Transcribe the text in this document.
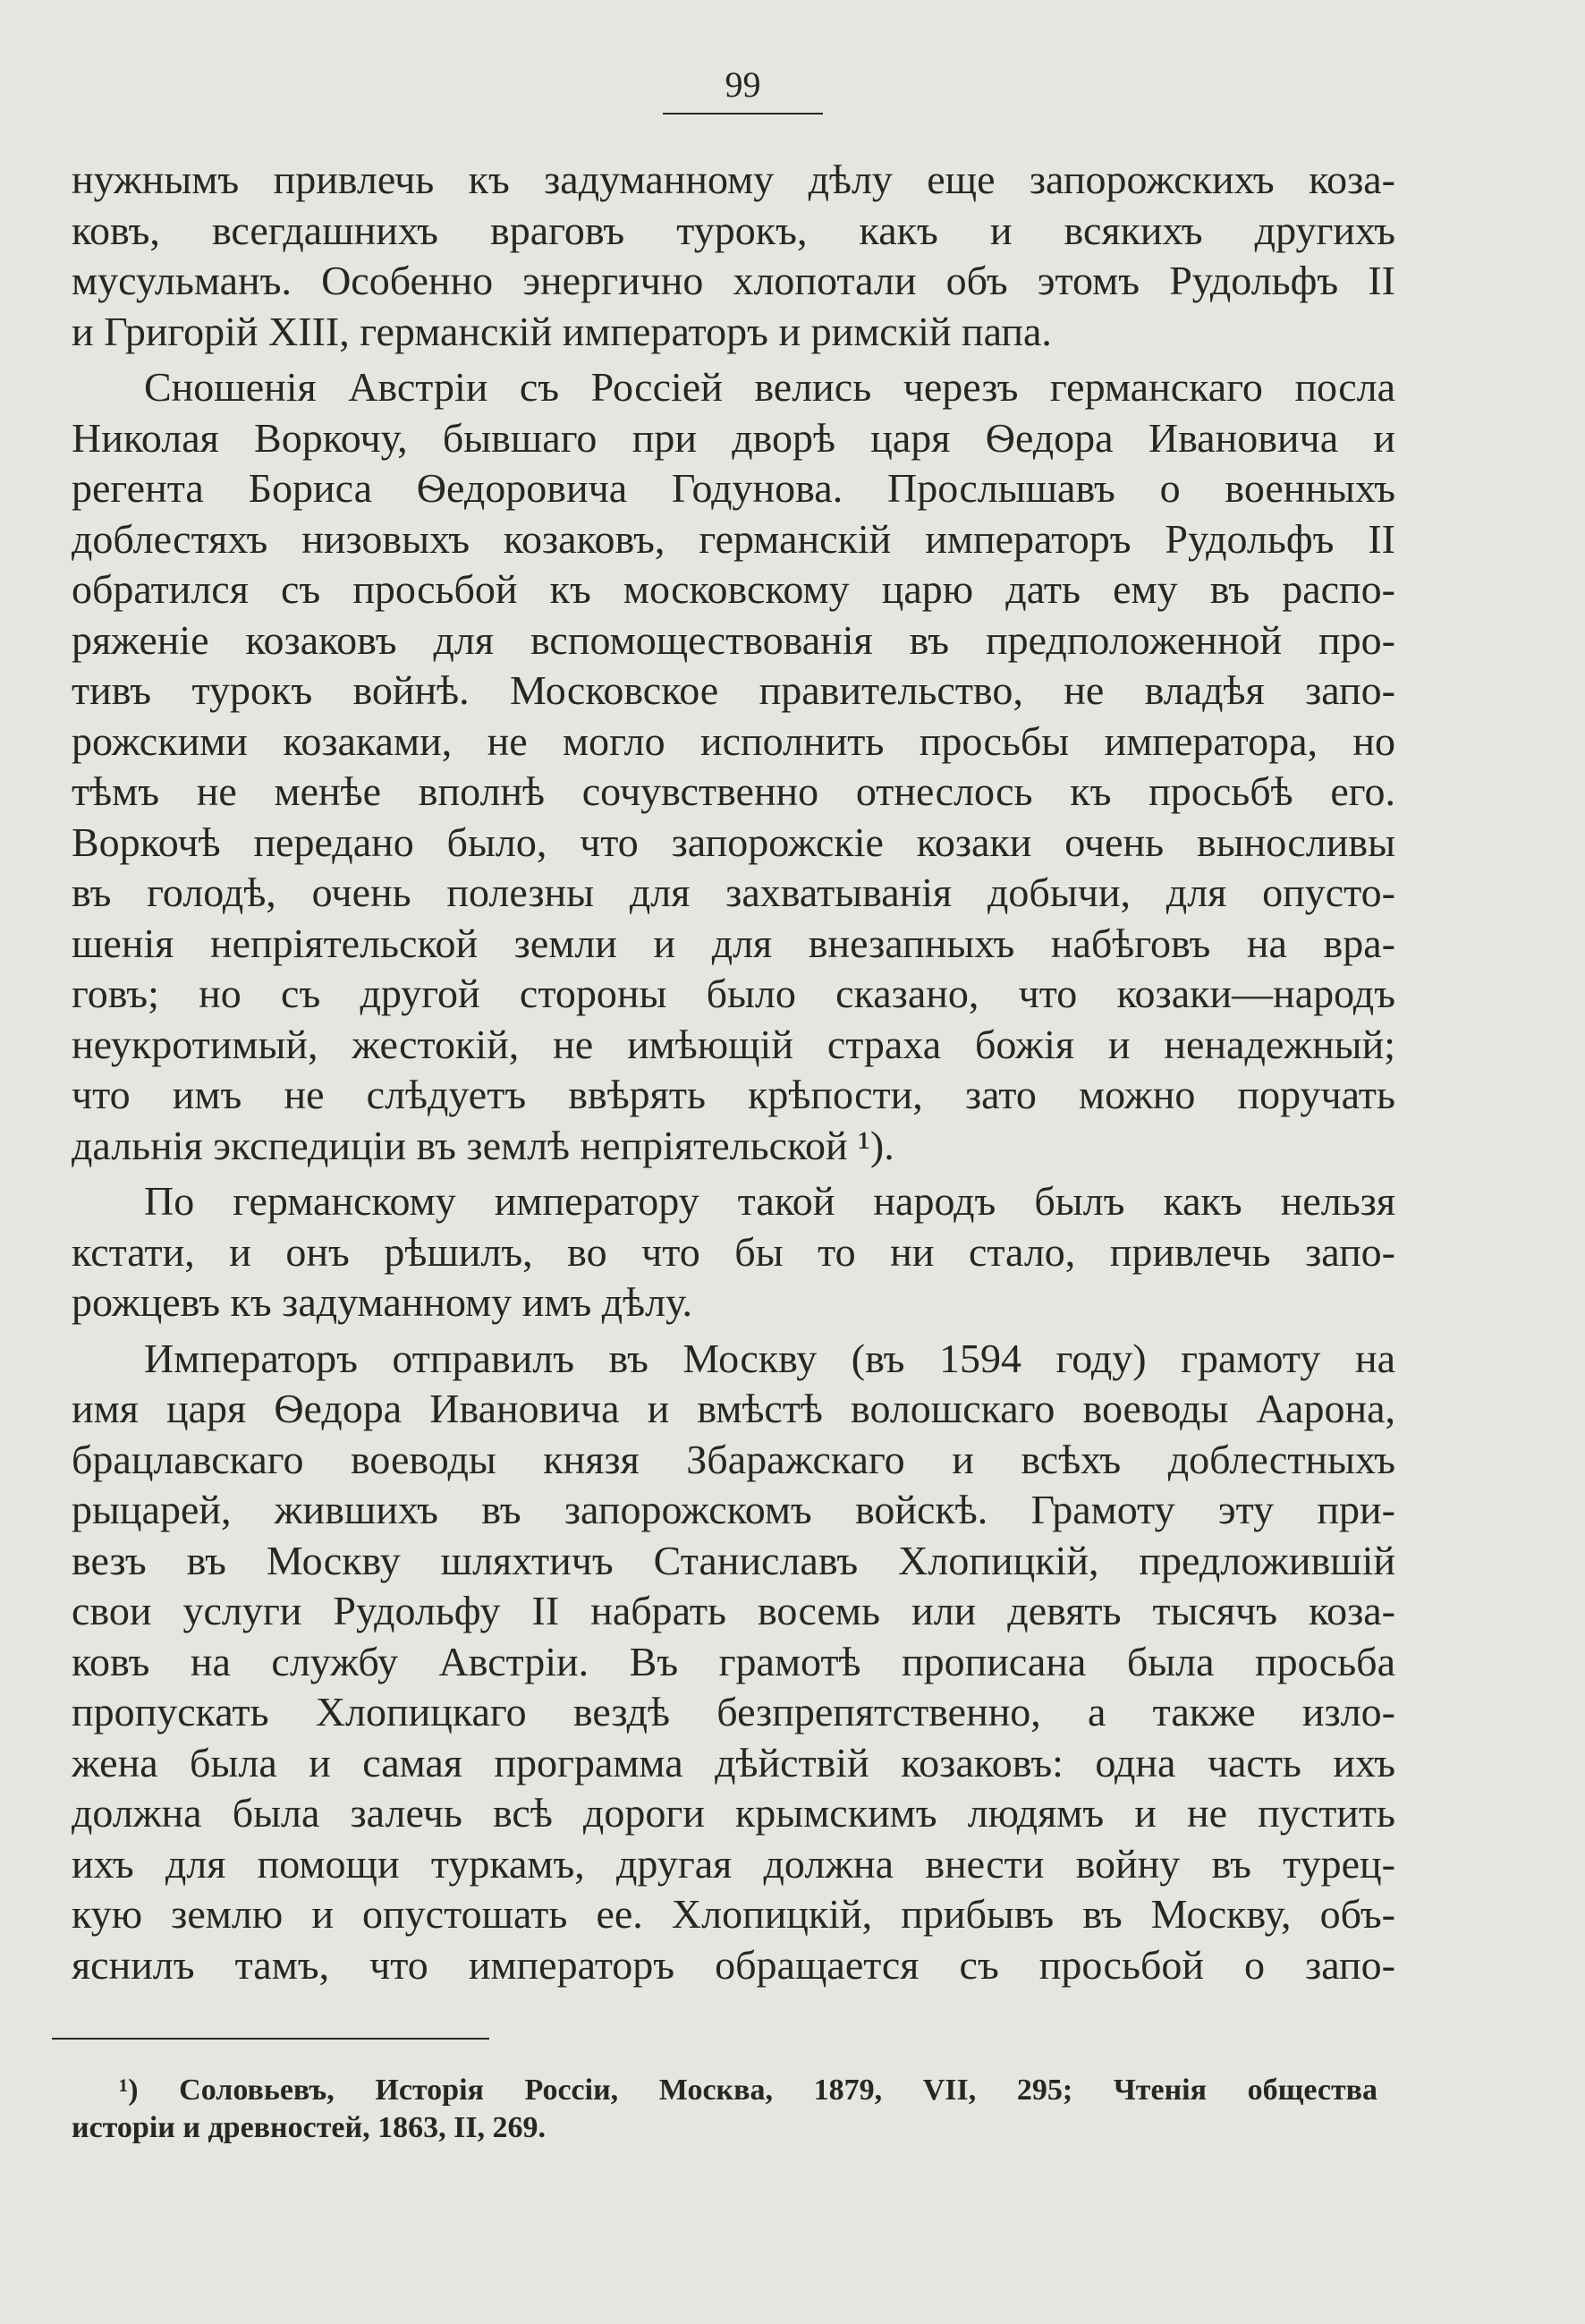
99
нужнымъ привлечь къ задуманному дѣлу еще запорожскихъ коза-
ковъ, всегдашнихъ враговъ турокъ, какъ и всякихъ другихъ
мусульманъ. Особенно энергично хлопотали объ этомъ Рудольфъ II
и Григорій XIII, германскій императоръ и римскій папа.
Сношенія Австріи съ Россіей велись черезъ германскаго посла
Николая Воркочу, бывшаго при дворѣ царя Ѳедора Ивановича и
регента Бориса Ѳедоровича Годунова. Прослышавъ о военныхъ
доблестяхъ низовыхъ козаковъ, германскій императоръ Рудольфъ II
обратился съ просьбой къ московскому царю дать ему въ распо-
ряженіе козаковъ для вспомоществованія въ предположенной про-
тивъ турокъ войнѣ. Московское правительство, не владѣя запо-
рожскими козаками, не могло исполнить просьбы императора, но
тѣмъ не менѣе вполнѣ сочувственно отнеслось къ просьбѣ его.
Воркочѣ передано было, что запорожскіе козаки очень выносливы
въ голодѣ, очень полезны для захватыванія добычи, для опусто-
шенія непріятельской земли и для внезапныхъ набѣговъ на вра-
говъ; но съ другой стороны было сказано, что козаки—народъ
неукротимый, жестокій, не имѣющій страха божія и ненадежный;
что имъ не слѣдуетъ ввѣрять крѣпости, зато можно поручать
дальнія экспедиціи въ землѣ непріятельской ¹).
По германскому императору такой народъ былъ какъ нельзя
кстати, и онъ рѣшилъ, во что бы то ни стало, привлечь запо-
рожцевъ къ задуманному имъ дѣлу.
Императоръ отправилъ въ Москву (въ 1594 году) грамоту на
имя царя Ѳедора Ивановича и вмѣстѣ волошскаго воеводы Аарона,
брацлавскаго воеводы князя Збаражскаго и всѣхъ доблестныхъ
рыцарей, жившихъ въ запорожскомъ войскѣ. Грамоту эту при-
везъ въ Москву шляхтичъ Станиславъ Хлопицкій, предложившій
свои услуги Рудольфу II набрать восемь или девять тысячъ коза-
ковъ на службу Австріи. Въ грамотѣ прописана была просьба
пропускать Хлопицкаго вездѣ безпрепятственно, а также изло-
жена была и самая программа дѣйствій козаковъ: одна часть ихъ
должна была залечь всѣ дороги крымскимъ людямъ и не пустить
ихъ для помощи туркамъ, другая должна внести войну въ турец-
кую землю и опустошать ее. Хлопицкій, прибывъ въ Москву, объ-
яснилъ тамъ, что императоръ обращается съ просьбой о запо-
¹) Соловьевъ, Исторія Россіи, Москва, 1879, VII, 295; Чтенія общества
исторіи и древностей, 1863, II, 269.
